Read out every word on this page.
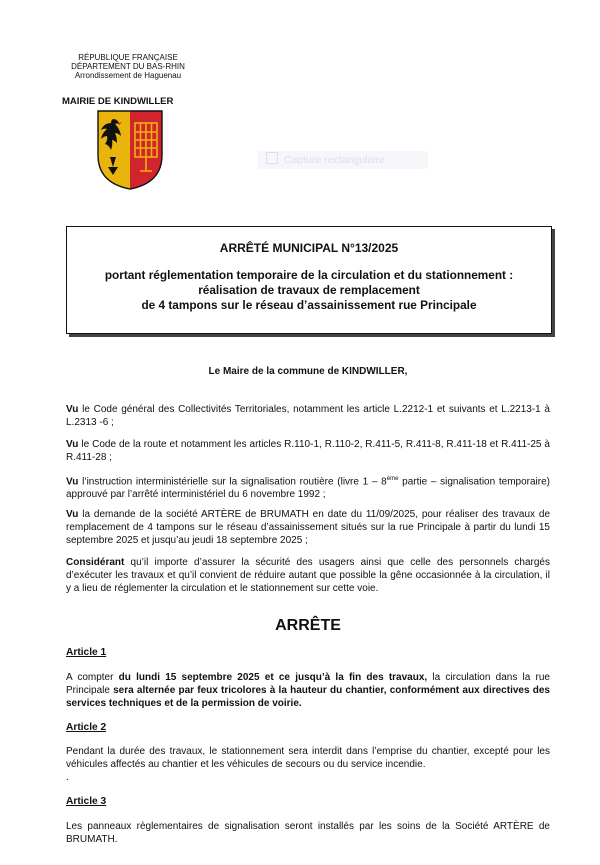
RÉPUBLIQUE FRANÇAISE
DÉPARTEMENT DU BAS-RHIN
Arrondissement de Haguenau
MAIRIE DE KINDWILLER
Capture rectangulaire
ARRÊTÉ MUNICIPAL N°13/2025
portant réglementation temporaire de la circulation et du stationnement :
réalisation de travaux de remplacement
de 4 tampons sur le réseau d’assainissement rue Principale
Le Maire de la commune de KINDWILLER,
Vu le Code général des Collectivités Territoriales, notamment les article L.2212-1 et suivants et L.2213-1 à L.2313 -6 ;
Vu le Code de la route et notamment les articles R.110-1, R.110-2, R.411-5, R.411-8, R.411-18 et R.411-25 à R.411-28 ;
Vu l’instruction interministérielle sur la signalisation routière (livre 1 – 8ème partie – signalisation temporaire) approuvé par l’arrêté interministériel du 6 novembre 1992 ;
Vu la demande de la société ARTÈRE de BRUMATH en date du 11/09/2025, pour réaliser des travaux de remplacement de 4 tampons sur le réseau d’assainissement situés sur la rue Principale à partir du lundi 15 septembre 2025 et jusqu’au jeudi 18 septembre 2025 ;
Considérant qu’il importe d’assurer la sécurité des usagers ainsi que celle des personnels chargés d’exécuter les travaux et qu’il convient de réduire autant que possible la gêne occasionnée à la circulation, il y a lieu de réglementer la circulation et le stationnement sur cette voie.
ARRÊTE
Article 1
A compter du lundi 15 septembre 2025 et ce jusqu’à la fin des travaux, la circulation dans la rue Principale sera alternée par feux tricolores à la hauteur du chantier, conformément aux directives des services techniques et de la permission de voirie.
Article 2
Pendant la durée des travaux, le stationnement sera interdit dans l’emprise du chantier, excepté pour les véhicules affectés au chantier et les véhicules de secours ou du service incendie.
.
Article 3
Les panneaux règlementaires de signalisation seront installés par les soins de la Société ARTÈRE de BRUMATH.
